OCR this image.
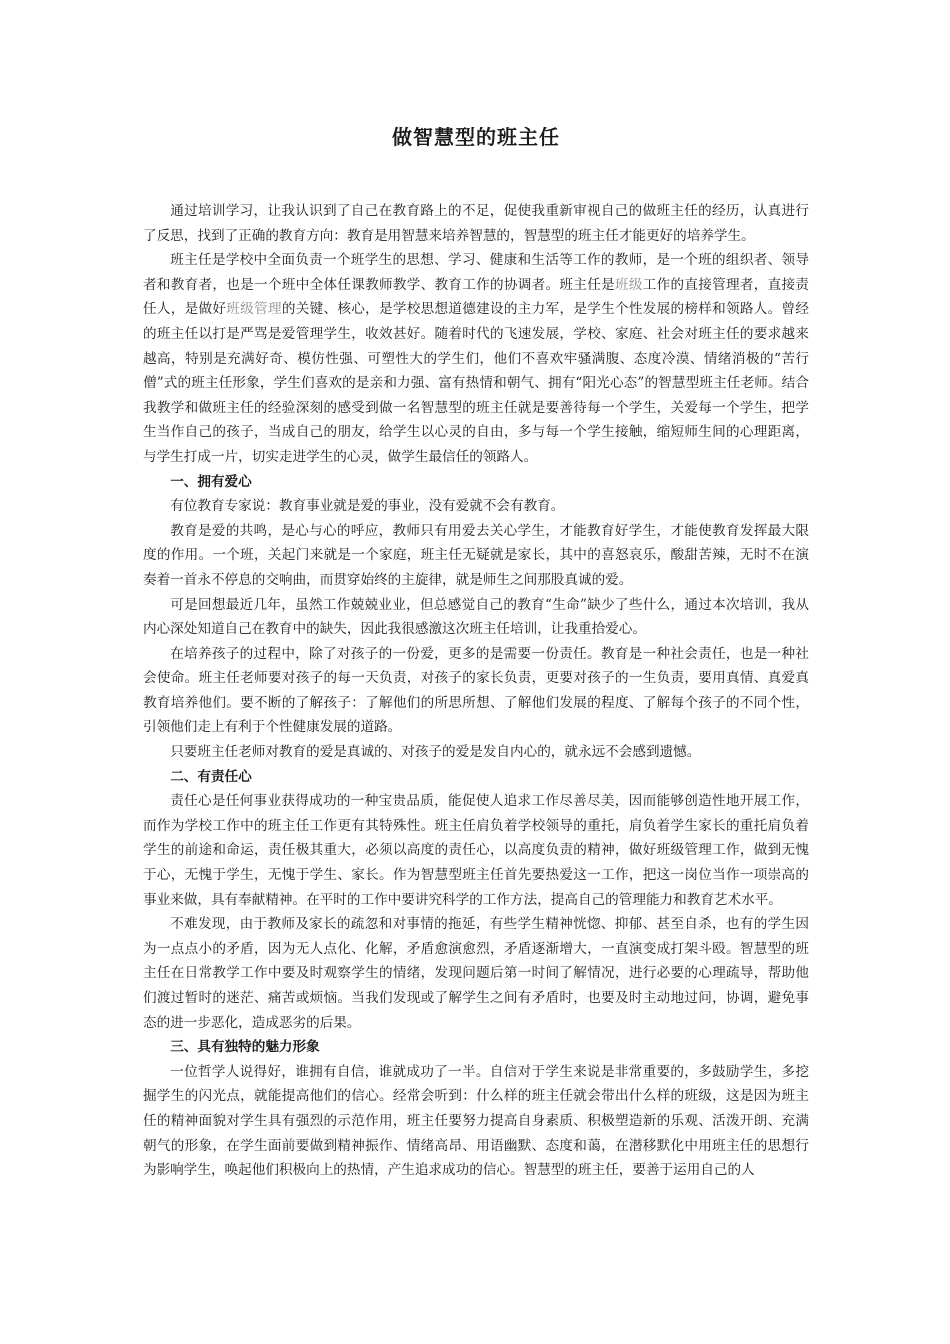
做智慧型的班主任

通过培训学习，让我认识到了自己在教育路上的不足，促使我重新审视自己的做班主任的经历，认真进行了反思，找到了正确的教育方向：教育是用智慧来培养智慧的，智慧型的班主任才能更好的培养学生。

班主任是学校中全面负责一个班学生的思想、学习、健康和生活等工作的教师，是一个班的组织者、领导者和教育者，也是一个班中全体任课教师教学、教育工作的协调者。班主任是班级工作的直接管理者，直接责任人，是做好班级管理的关键、核心，是学校思想道德建设的主力军，是学生个性发展的榜样和领路人。曾经的班主任以打是严骂是爱管理学生，收效甚好。随着时代的飞速发展，学校、家庭、社会对班主任的要求越来越高，特别是充满好奇、模仿性强、可塑性大的学生们，他们不喜欢牢骚满腹、态度冷漠、情绪消极的“苦行僧”式的班主任形象，学生们喜欢的是亲和力强、富有热情和朝气、拥有“阳光心态”的智慧型班主任老师。结合我教学和做班主任的经验深刻的感受到做一名智慧型的班主任就是要善待每一个学生，关爱每一个学生，把学生当作自己的孩子，当成自己的朋友，给学生以心灵的自由，多与每一个学生接触，缩短师生间的心理距离，与学生打成一片，切实走进学生的心灵，做学生最信任的领路人。

一、拥有爱心

有位教育专家说：教育事业就是爱的事业，没有爱就不会有教育。

教育是爱的共鸣，是心与心的呼应，教师只有用爱去关心学生，才能教育好学生，才能使教育发挥最大限度的作用。一个班，关起门来就是一个家庭，班主任无疑就是家长，其中的喜怒哀乐，酸甜苦辣，无时不在演奏着一首永不停息的交响曲，而贯穿始终的主旋律，就是师生之间那股真诚的爱。

可是回想最近几年，虽然工作兢兢业业，但总感觉自己的教育“生命”缺少了些什么，通过本次培训，我从内心深处知道自己在教育中的缺失，因此我很感激这次班主任培训，让我重拾爱心。

在培养孩子的过程中，除了对孩子的一份爱，更多的是需要一份责任。教育是一种社会责任，也是一种社会使命。班主任老师要对孩子的每一天负责，对孩子的家长负责，更要对孩子的一生负责，要用真情、真爱真教育培养他们。要不断的了解孩子：了解他们的所思所想、了解他们发展的程度、了解每个孩子的不同个性，引领他们走上有利于个性健康发展的道路。

只要班主任老师对教育的爱是真诚的、对孩子的爱是发自内心的，就永远不会感到遗憾。

二、有责任心

责任心是任何事业获得成功的一种宝贵品质，能促使人追求工作尽善尽美，因而能够创造性地开展工作，而作为学校工作中的班主任工作更有其特殊性。班主任肩负着学校领导的重托，肩负着学生家长的重托肩负着学生的前途和命运，责任极其重大，必须以高度的责任心，以高度负责的精神，做好班级管理工作，做到无愧于心，无愧于学生，无愧于学生、家长。作为智慧型班主任首先要热爱这一工作，把这一岗位当作一项崇高的事业来做，具有奉献精神。在平时的工作中要讲究科学的工作方法，提高自己的管理能力和教育艺术水平。

不难发现，由于教师及家长的疏忽和对事情的拖延，有些学生精神恍惚、抑郁、甚至自杀，也有的学生因为一点点小的矛盾，因为无人点化、化解，矛盾愈演愈烈，矛盾逐渐增大，一直演变成打架斗殴。智慧型的班主任在日常教学工作中要及时观察学生的情绪，发现问题后第一时间了解情况，进行必要的心理疏导，帮助他们渡过暂时的迷茫、痛苦或烦恼。当我们发现或了解学生之间有矛盾时，也要及时主动地过问，协调，避免事态的进一步恶化，造成恶劣的后果。

三、具有独特的魅力形象

一位哲学人说得好，谁拥有自信，谁就成功了一半。自信对于学生来说是非常重要的，多鼓励学生，多挖掘学生的闪光点，就能提高他们的信心。经常会听到：什么样的班主任就会带出什么样的班级，这是因为班主任的精神面貌对学生具有强烈的示范作用，班主任要努力提高自身素质、积极塑造新的乐观、活泼开朗、充满朝气的形象，在学生面前要做到精神振作、情绪高昂、用语幽默、态度和蔼，在潜移默化中用班主任的思想行为影响学生，唤起他们积极向上的热情，产生追求成功的信心。智慧型的班主任，要善于运用自己的人
